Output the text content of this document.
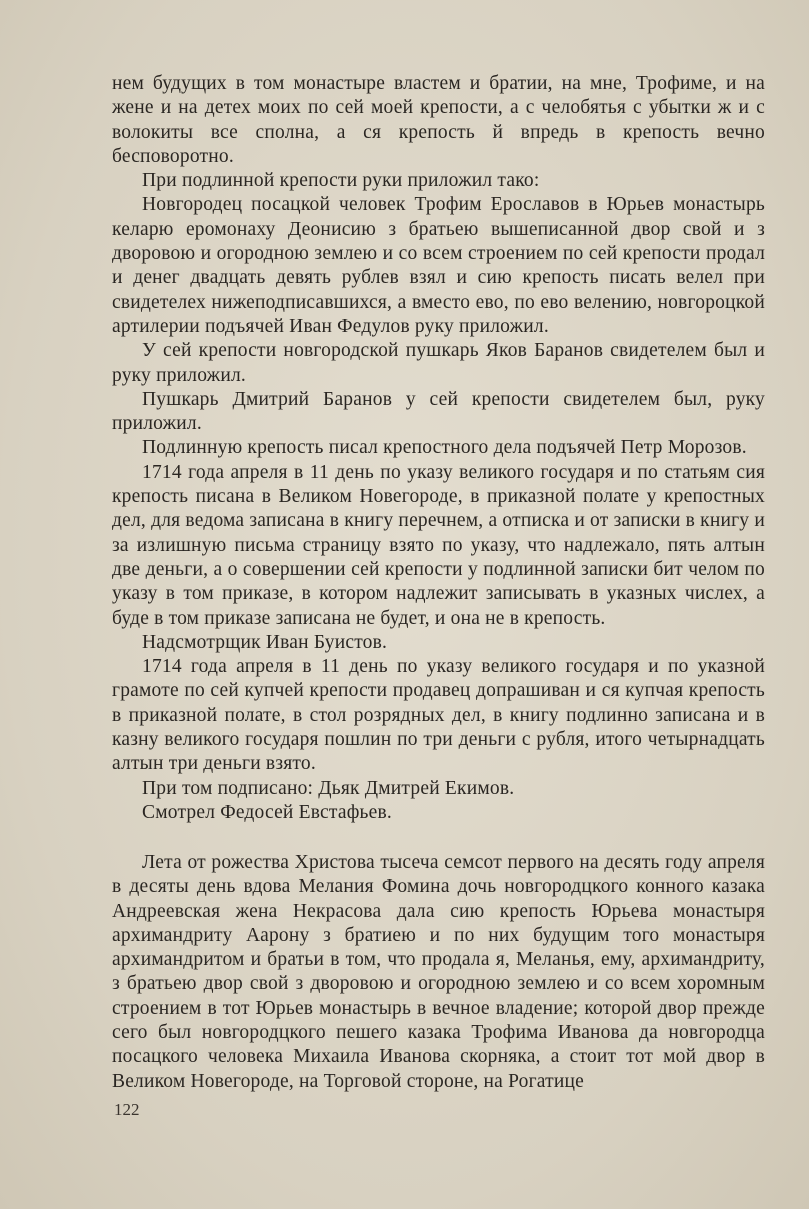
нем будущих в том монастыре властем и братии, на мне, Трофиме, и на жене и на детех моих по сей моей крепости, а с челобятья с убытки ж и с волокиты все сполна, а ся крепость й впредь в крепость вечно бесповоротно.

При подлинной крепости руки приложил тако:

Новгородец посацкой человек Трофим Ерославов в Юрьев монастырь келарю еромонаху Деонисию з братьею вышеписанной двор свой и з дворовою и огородною землею и со всем строением по сей крепости продал и денег двадцать девять рублев взял и сию крепость писать велел при свидетелех нижеподписавшихся, а вместо ево, по ево велению, новгороцкой артилерии подъячей Иван Федулов руку приложил.

У сей крепости новгородской пушкарь Яков Баранов свидетелем был и руку приложил.

Пушкарь Дмитрий Баранов у сей крепости свидетелем был, руку приложил.

Подлинную крепость писал крепостного дела подъячей Петр Морозов.

1714 года апреля в 11 день по указу великого государя и по статьям сия крепость писана в Великом Новегороде, в приказной полате у крепостных дел, для ведома записана в книгу перечнем, а отписка и от записки в книгу и за излишную письма страницу взято по указу, что надлежало, пять алтын две деньги, а о совершении сей крепости у подлинной записки бит челом по указу в том приказе, в котором надлежит записывать в указных числех, а буде в том приказе записана не будет, и она не в крепость.

Надсмотрщик Иван Буистов.

1714 года апреля в 11 день по указу великого государя и по указной грамоте по сей купчей крепости продавец допрашиван и ся купчая крепость в приказной полате, в стол розрядных дел, в книгу подлинно записана и в казну великого государя пошлин по три деньги с рубля, итого четырнадцать алтын три деньги взято.

При том подписано: Дьяк Дмитрей Екимов.

Смотрел Федосей Евстафьев.

Лета от рожества Христова тысеча семсот первого на десять году апреля в десяты день вдова Мелания Фомина дочь новгородцкого конного казака Андреевская жена Некрасова дала сию крепость Юрьева монастыря архимандриту Аарону з братиею и по них будущим того монастыря архимандритом и братьи в том, что продала я, Меланья, ему, архимандриту, з братьею двор свой з дворовою и огородною землею и со всем хоромным строением в тот Юрьев монастырь в вечное владение; которой двор прежде сего был новгородцкого пешего казака Трофима Иванова да новгородца посацкого человека Михаила Иванова скорняка, а стоит тот мой двор в Великом Новегороде, на Торговой стороне, на Рогатице

122
